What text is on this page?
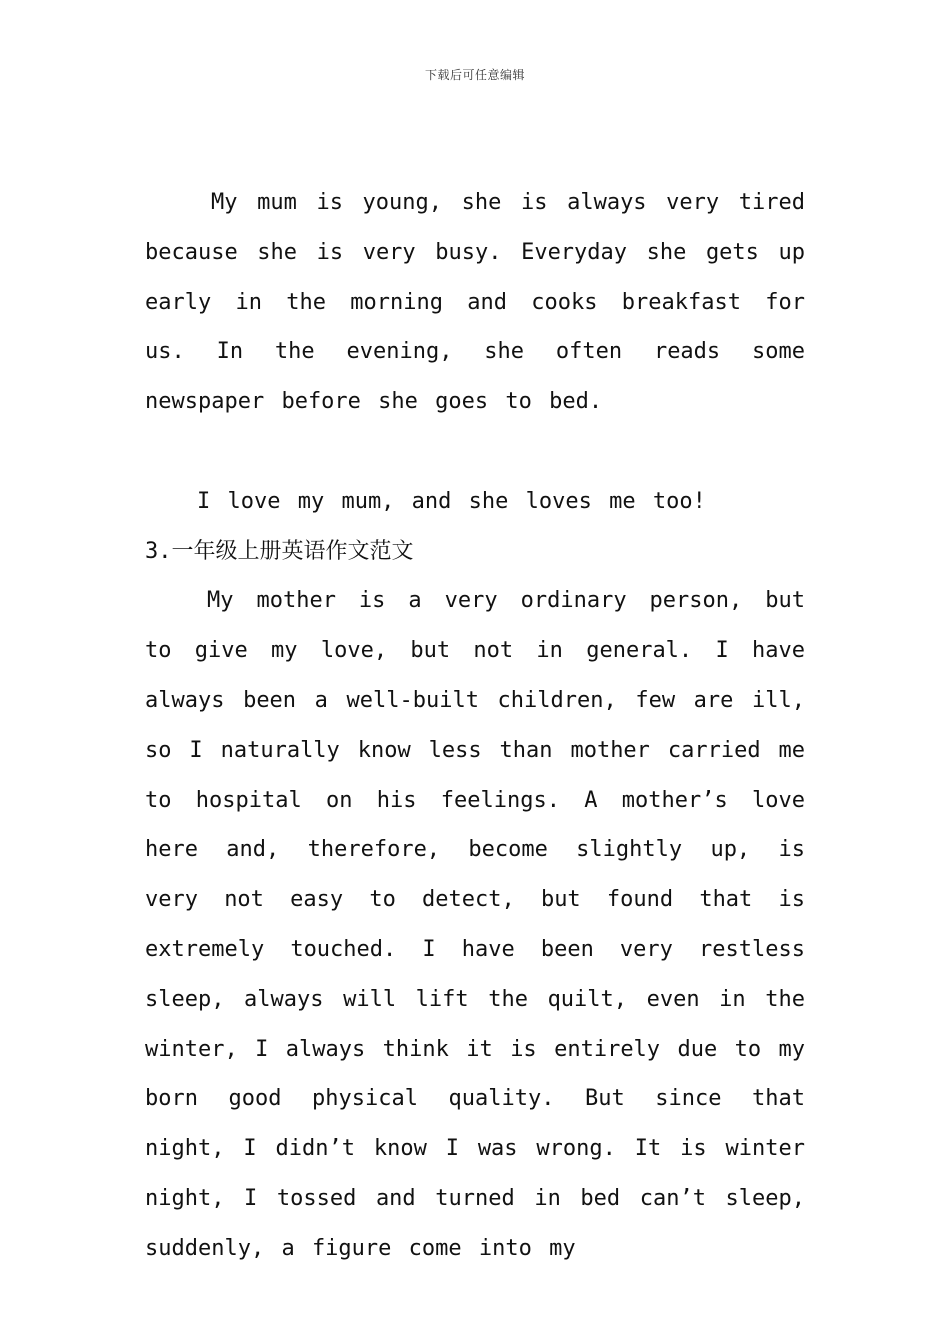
下载后可任意编辑

My mum is young, she is always very tired because she is very busy. Everyday she gets up early in the morning and cooks breakfast for us. In the evening, she often reads some newspaper before she goes to bed.

I love my mum, and she loves me too!

3.一年级上册英语作文范文

My mother is a very ordinary person, but to give my love, but not in general. I have always been a well-built children, few are ill, so I naturally know less than mother carried me to hospital on his feelings. A mother’s love here and, therefore, become slightly up, is very not easy to detect, but found that is extremely touched. I have been very restless sleep, always will lift the quilt, even in the winter, I always think it is entirely due to my born good physical quality. But since that night, I didn’t know I was wrong. It is winter night, I tossed and turned in bed can’t sleep, suddenly, a figure come into my
